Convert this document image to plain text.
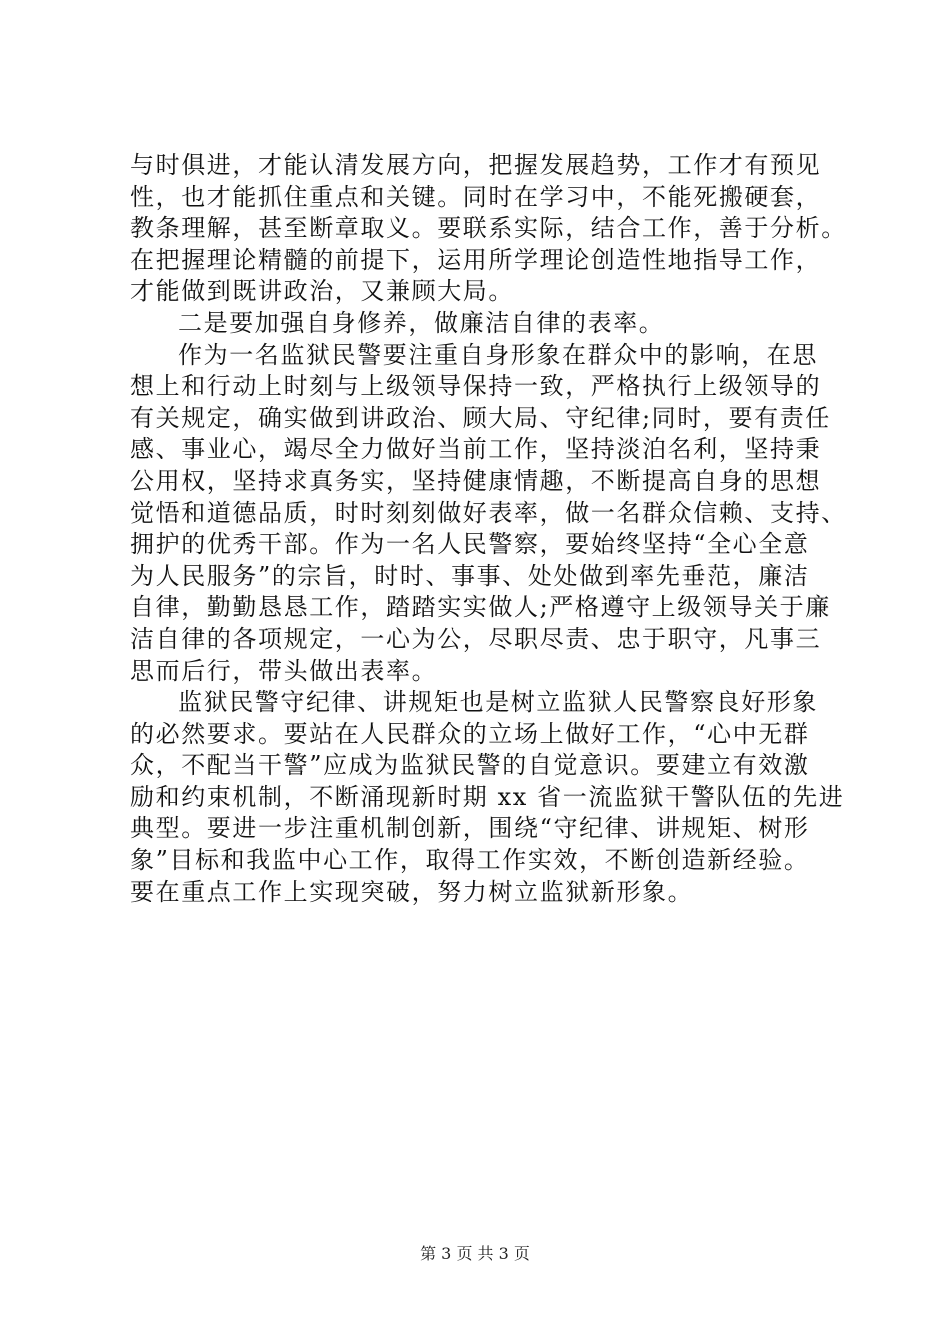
与时俱进，才能认清发展方向，把握发展趋势，工作才有预见
性，也才能抓住重点和关键。同时在学习中，不能死搬硬套，
教条理解，甚至断章取义。要联系实际，结合工作，善于分析。
在把握理论精髓的前提下，运用所学理论创造性地指导工作，
才能做到既讲政治，又兼顾大局。
二是要加强自身修养，做廉洁自律的表率。
作为一名监狱民警要注重自身形象在群众中的影响，在思
想上和行动上时刻与上级领导保持一致，严格执行上级领导的
有关规定，确实做到讲政治、顾大局、守纪律;同时，要有责任
感、事业心，竭尽全力做好当前工作，坚持淡泊名利，坚持秉
公用权，坚持求真务实，坚持健康情趣，不断提高自身的思想
觉悟和道德品质，时时刻刻做好表率，做一名群众信赖、支持、
拥护的优秀干部。作为一名人民警察，要始终坚持“全心全意
为人民服务”的宗旨，时时、事事、处处做到率先垂范，廉洁
自律，勤勤恳恳工作，踏踏实实做人;严格遵守上级领导关于廉
洁自律的各项规定，一心为公，尽职尽责、忠于职守，凡事三
思而后行，带头做出表率。
监狱民警守纪律、讲规矩也是树立监狱人民警察良好形象
的必然要求。要站在人民群众的立场上做好工作，“心中无群
众，不配当干警”应成为监狱民警的自觉意识。要建立有效激
励和约束机制，不断涌现新时期 xx 省一流监狱干警队伍的先进
典型。要进一步注重机制创新，围绕“守纪律、讲规矩、树形
象”目标和我监中心工作，取得工作实效，不断创造新经验。
要在重点工作上实现突破，努力树立监狱新形象。
第 3 页 共 3 页
